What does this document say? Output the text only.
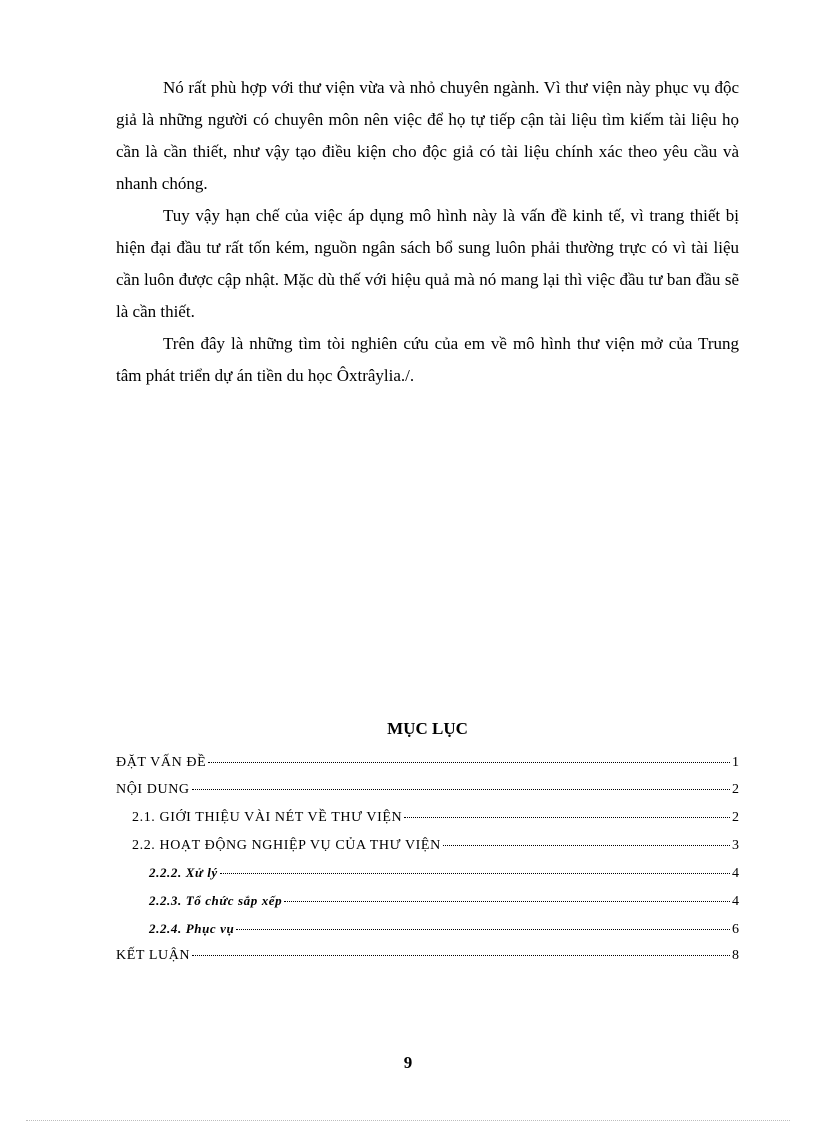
Nó rất phù hợp với thư viện vừa và nhỏ chuyên ngành. Vì thư viện này phục vụ độc giả là những người có chuyên môn nên việc để họ tự tiếp cận tài liệu tìm kiếm tài liệu họ cần là cần thiết, như vậy tạo điều kiện cho độc giả có tài liệu chính xác theo yêu cầu và nhanh chóng.

Tuy vậy hạn chế của việc áp dụng mô hình này là vấn đề kinh tế, vì trang thiết bị hiện đại đầu tư rất tốn kém, nguồn ngân sách bổ sung luôn phải thường trực có vì tài liệu cần luôn được cập nhật. Mặc dù thế với hiệu quả mà nó mang lại thì việc đầu tư ban đầu sẽ là cần thiết.

Trên đây là những tìm tòi nghiên cứu của em về mô hình thư viện mở của Trung tâm phát triển dự án tiền du học Ôxtrâylia./.

MỤC LỤC
ĐẶT VẤN ĐỀ	1
NỘI DUNG	2
2.1. GIỚI THIỆU VÀI NÉT VỀ THƯ VIỆN	2
2.2. HOẠT ĐỘNG NGHIỆP VỤ CỦA THƯ VIỆN	3
2.2.2. Xử lý	4
2.2.3. Tổ chức sắp xếp	4
2.2.4. Phục vụ	6
KẾT LUẬN	8
9
